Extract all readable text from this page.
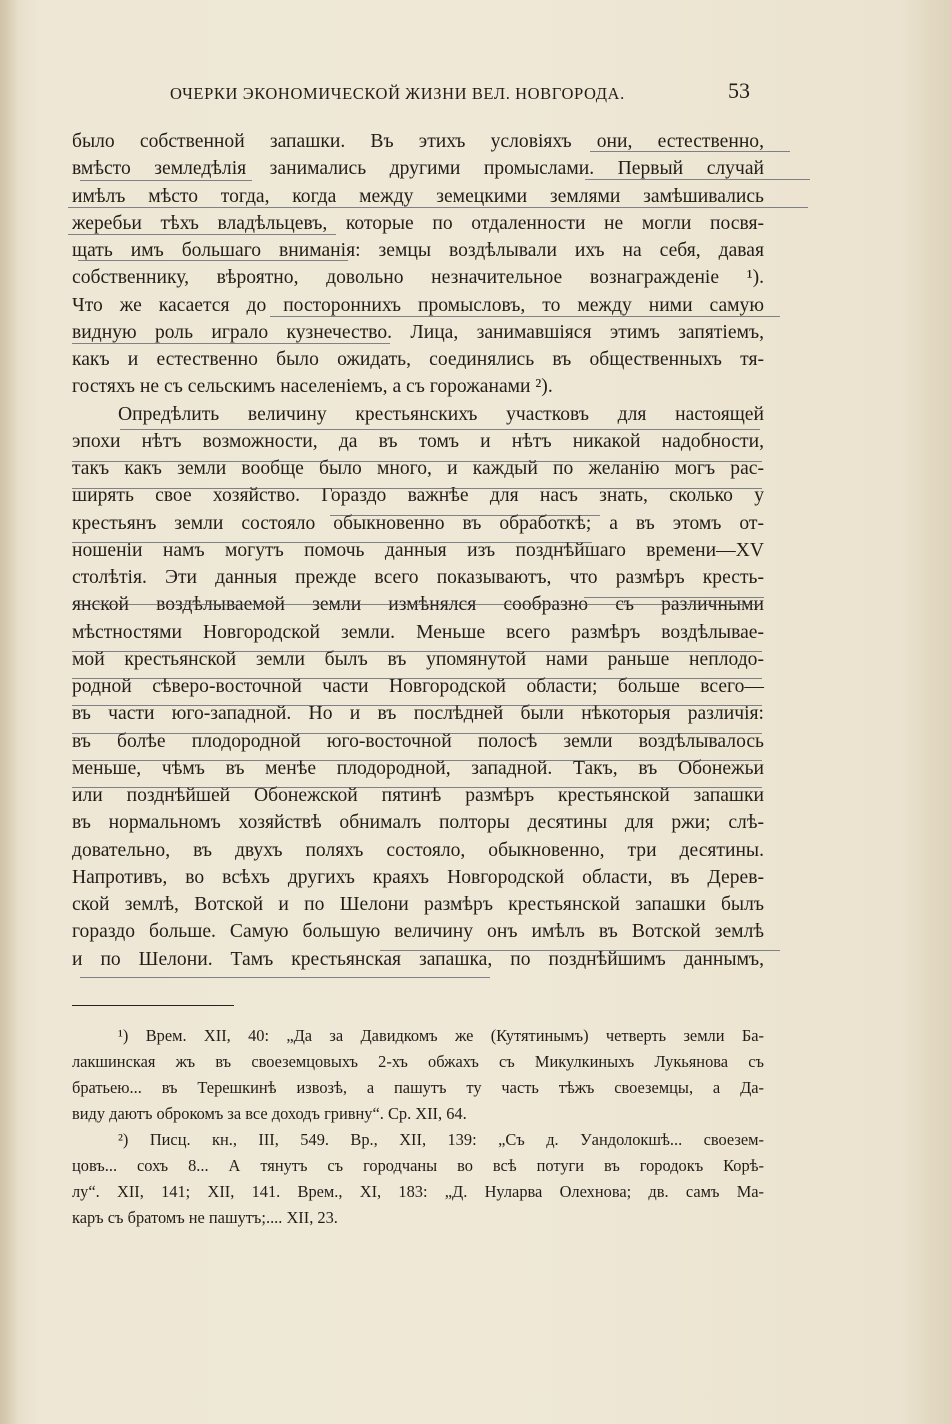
ОЧЕРКИ ЭКОНОМИЧЕСКОЙ ЖИЗНИ ВЕЛ. НОВГОРОДА.	53
было собственной запашки. Въ этихъ условіяхъ они, естественно,
вмѣсто земледѣлія занимались другими промыслами. Первый случай
имѣлъ мѣсто тогда, когда между земецкими землями замѣшивались
жеребьи тѣхъ владѣльцевъ, которые по отдаленности не могли посвя-
щать имъ большаго вниманія: земцы воздѣлывали ихъ на себя, давая
собственнику, вѣроятно, довольно незначительное вознагражденіе ¹).
Что же касается до постороннихъ промысловъ, то между ними самую
видную роль играло кузнечество. Лица, занимавшіяся этимъ запятіемъ,
какъ и естественно было ожидать, соединялись въ общественныхъ тя-
гостяхъ не съ сельскимъ населеніемъ, а съ горожанами ²).
Опредѣлить величину крестьянскихъ участковъ для настоящей
эпохи нѣтъ возможности, да въ томъ и нѣтъ никакой надобности,
такъ какъ земли вообще было много, и каждый по желанію могъ рас-
ширять свое хозяйство. Гораздо важнѣе для насъ знать, сколько у
крестьянъ земли состояло обыкновенно въ обработкѣ; а въ этомъ от-
ношеніи намъ могутъ помочь данныя изъ позднѣйшаго времени—XV
столѣтія. Эти данныя прежде всего показываютъ, что размѣръ кресть-
янской воздѣлываемой земли измѣнялся сообразно съ различными
мѣстностями Новгородской земли. Меньше всего размѣръ воздѣлывае-
мой крестьянской земли былъ въ упомянутой нами раньше неплодо-
родной сѣверо-восточной части Новгородской области; больше всего—
въ части юго-западной. Но и въ послѣдней были нѣкоторыя различія:
въ болѣе плодородной юго-восточной полосѣ земли воздѣлывалось
меньше, чѣмъ въ менѣе плодородной, западной. Такъ, въ Обонежьи
или позднѣйшей Обонежской пятинѣ размѣръ крестьянской запашки
въ нормальномъ хозяйствѣ обнималъ полторы десятины для ржи; слѣ-
довательно, въ двухъ поляхъ состояло, обыкновенно, три десятины.
Напротивъ, во всѣхъ другихъ краяхъ Новгородской области, въ Дерев-
ской землѣ, Вотской и по Шелони размѣръ крестьянской запашки былъ
гораздо больше. Самую большую величину онъ имѣлъ въ Вотской землѣ
и по Шелони. Тамъ крестьянская запашка, по позднѣйшимъ даннымъ,
¹) Врем. XII, 40: „Да за Давидкомъ же (Кутятинымъ) четверть земли Ба-
лакшинская жъ въ своеземцовыхъ 2-хъ обжахъ съ Микулкиныхъ Лукьянова съ
братьею... въ Терешкинѣ извозѣ, а пашутъ ту часть тѣжъ своеземцы, а Да-
виду даютъ оброкомъ за все доходъ гривну“. Ср. XII, 64.
²) Писц. кн., III, 549. Вр., XII, 139: „Съ д. Уандолокшѣ... своезем-
цовъ... сохъ 8... А тянутъ съ городчаны во всѣ потуги въ городокъ Корѣ-
лу“. XII, 141; XII, 141. Врем., XI, 183: „Д. Нуларва Олехнова; дв. самъ Ма-
каръ съ братомъ не пашутъ;.... XII, 23.
